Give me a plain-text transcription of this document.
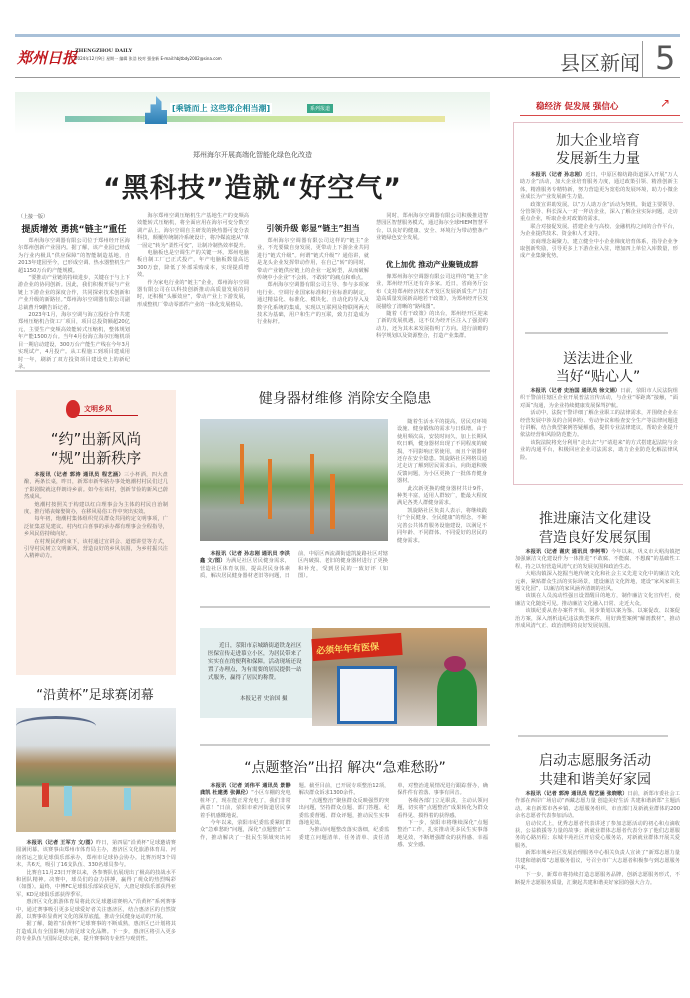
郑州日报
ZHENGZHOU DAILY
2024年12月9日 星期一 编辑 张浩 校对 强金新 E-mail:hbjtbdy2002@sina.com	县区新闻 5
[乘链而上 这些郑企相当潮]	系列报道
郑州海尔开展高端化智能化绿色化改造
“黑科技”造就“好空气”
（上接一版）
提质增效 勇挑“链主”重任

郑州海尔空调器有限公司位于郑州经开区海尔郑州创新产业园内。据了解，该产业园已经成为行业内极具“供应保障”的智能制造基地，自2013年建园至今，已形成空调、热水器整机生产超1150万台的产能规模。

“要推动产业链的持续进步，关键在于与上下游企业的协同创新。因此，我们积极开展与产业链上下游企业的深度合作，共同探索技术创新和产业升级的新路径。”郑州海尔空调器有限公司副总裁曹升9鹏告诉记者。

2023年1月，海尔空调与海立股份合作共建郑州压缩机合资工厂项目，项目总投资额超20亿元，主要生产变频高效能转式压缩机，整体规划年产能1500万台。当年4月份海立海尔压缩机项目一期启动建设，300万台产能生产线在今年3月实现试产，4月投产。从工程施工到项目建成用时一年，刷新了双方投资项目建设史上的新纪录。

海尔郑州空调压缩机生产基地生产的变频高效能转式压缩机，将全面应用在海尔可变分数空调产品上。海尔空调自主研发的换热器可变分表科技，颠覆传统制冷系统设计，将冷媒流速从“单一固定”转为“柔性可变”，让制冷制热效率提升。

电脑板也是空调生产的关键一环。郑州电脑板自制工厂已正式投产，年产电脑板数量高达300万套，降低了外部采购成本，实现提质增效。

作为家电行业的“链主”企业，郑州海尔空调器有限公司在以科技创新推动高质量发展的同时，还积极“头雁效应”，带动产业上下游发展，形成整机厂带动零部件产业的一体化发展格局。

引领升级 彰显“链主”担当

郑州海尔空调器有限公司这样的“链主”企业，不光要做自身发展，更带动上下游企业共同进行“链式升级”。何谓“链式升级”？通俗讲，就是龙头企业发挥带动作用，在自己“转”的同时，带动产业链供应链上的企业一起转型，从而破解传统中小企业“不会转、不敢转”的痛点和难点。

郑州海尔空调器有限公司主导、参与多项家电行业、空调行业国家标准和行业标准的制定。通过精益化、标准化、模块化、自动化的导入及数字化系统的集成，实现以互联网及物联网两大技术为基础，用户和生产的互联，致力打造成为行业标杆。

同时，郑州海尔空调器有限公司积极推进智慧园区智慧服务模式，通过海尔全球HIEM智慧平台，以良好的健康、安全、环境行为带动整条产业链绿色安全发展。

优上加优 推动产业聚链成群

像郑州海尔空调器有限公司这样的“链主”企业，郑州经开区还有许多家。近日，省商务厅公布《支持郑州经济技术开发区发展新质生产力打造高质量发展新高地若干政策》，为郑州经开区发展描绘了清晰的“路线图”。

随着《若干政策》的出台，郑州经开区迎来了新的发展机遇，这不仅为经开区注入了强劲的动力，还为其未来发展指明了方向。进行前瞻的科学规划以及资源整合，打造产业集群。

文明乡风
“约”出新风尚
“规”出新秩序

本报讯（记者 郭涛 通讯员 程艺涵）三小杯酒，四大盘酿，两条长桌，昨日，新郑市新华路办事处炮潮村村民们过几子影剧院就这样朗诗乡前。如今在该村，创新节俭的新风已蔚然成风。

炮潮村按照关于构建以红白理事会为主体的村民自治制度，推行婚丧嫁娶简办，在移风易俗工作中突出实效。

每年初，炮潮村集体组织党员群众共同约定文明事项，广泛征集意见建议。村内红白喜事的承办都有理事会全程指导，乡风民俗持续向好。

在村规民约约束下，该村通过宣讲会、道德讲堂等方式，引导村民树立文明新风，营造良好的乡风氛围，为乡村振兴注入精神动力。

健身器材维修 消除安全隐患

随着生活水平的提高，居民对环境设施、健身锻炼的需求与日俱增。由于使用频次高，安装时间久，加上长期风吹日晒，健身器材出现了不同程度的破损，不同影响正常使用，而且个别器材还存在安全隐患。凯旋路社区网格员通过走访了解到居民需求后，向街道积极反馈问题，为小区更换了一批体育健身器材。

此次新更换的健身器材共计9件，种类丰富，适用人群较广，能最大程度满足各类人群健身需求。

凯旋路社区负责人表示，将继续践行“全民健身、全民健康”的理念，不断完善公共体育服务设施建设，以满足不同年龄、不同群体、不同爱好的居民的健身需求。

本报讯（记者 孙志刚 通讯员 李洪鑫 文/图）为满足社区居民健身需求，营造社区体育氛围，提高居民身体素质，解决居民健身器材老旧等问题，日前，中原区西流湖街道凯旋路社区对辖区内破损、老旧的健身器材进行了更换和补充，受到居民的一致好评（如图）。

近日，荥阳市京城路街道铁龙社区医保宣传走进慕立小区，为居民带来了实实在在的便利和保障。活动现场还设置了办理点，为有需要的居民提供一站式服务，赢得了居民的称赞。
本报记者 史治国 摄
必须年年有医保
“点题整治”出招 解决“急难愁盼”

本报讯（记者 刘伟平 通讯员 景静 龚凯 杜建勇 张佩伦）“小区车棚的充电桩坏了，现在能正常充电了，我们非常满意！”日前，荥阳市索河街道居民拿着手机感慨地说。

今年以来，荥阳市纪委监委紧盯群众“急难愁盼”问题，深化“点题整治”工作，推动解决了一批民生领域突出问题。截至目前，已开展专项整治12项，解决群众诉求1300余件。

“点题整治”聚焦群众反映强烈的突出问题，坚持群众点题、部门答题、纪委监委督题、群众评题，推动民生实事落地见效。

为推动问题整改落实落细，纪委监委建立问题清单、任务清单、责任清单，对整治进展情况进行跟踪督办，确保件件有着落、事事有回音。

各级各部门立足职责，主动认领问题，切实将“点题整治”成果转化为群众看得见、摸得着的获得感。

下一步，荥阳市将继续深化“点题整治”工作，扎实推动更多民生实事落地见效，不断增强群众的获得感、幸福感、安全感。

“沿黄杯”足球赛闭幕

本报讯（记者 王军方 文/图）昨日，第四届“沿黄杯”足球邀请赛圆满闭幕。该赛事由郑州市体育局主办，惠济区文化旅游体育局、河南省运之旅足球俱乐部承办，郑州市足球协会协办。比赛历时3个周末，共6天，吸引了16支队伍、330名球员参与。

比赛自11月23日开赛以来，各参赛队伍展现出了极高的技战水平和团队精神。决赛中，球员们的奋力拼搏，赢得了观众的热烈喝彩（如图）。最终，中博FC足球俱乐部荣获冠军，大唐足球俱乐部获得亚军，KD足球俱乐部获得季军。

惠济区文化旅游体育局将此次足球邀请赛纳入“沿黄杯”系列赛事中，通过赛事吸引更多足球爱好者关注惠济区，结合惠济区的自然资源，以赛事彰显黄河文化的深厚底蕴，推动全民健身运动的开展。

据了解，随着“沿黄杯”足球赛事的不断成熟，惠济区已计划将其打造成具有全国影响力的足球文化品牌。下一步，惠济区将引入更多的专业队伍与国际足球元素，提升赛事的专业性与观赏性。

稳经济 促发展 强信心	↗
加大企业培育
发展新生力量

本报讯（记者 孙志刚）近日，中原区棉纺路街道深入开展“万人助万企”活动，加大企业培育服务力度，通过政策引领、精准创新主体，精准服务专精特新，努力营造更为宽松的发展环境，助力小微企业成长为产业发展新生力量。

政策宣讲助发展。以“万人助万企”活动为契机，街道主要领导、分管领导、科长深入一对一拜访企业，深入了解企业实际问题，走访重点企业，听取企业对政策的需求。

联合对接促发展。搭建企业与高校、金融机构之间的合作平台，为企业提供技术、资金和人才支持。

亲商理念凝聚力。建立健全中小企业梯度培育体系，指导企业争取创新奖励，引导更多上下游企业入驻，增加四上单位入库数量，形成产业集聚优势。

送法进企业
当好“贴心人”

本报讯（记者 史治国 通讯员 徐文娟）日前，荥阳市人民法院组织干警前往辖区企业开展普法宣传活动，与企业“零距离”接触，“面对面”沟通，为企业持续健康发展保驾护航。

活动中，法院干警详细了解企业职工的法律需求，并围绕企业在经营发展中涉及的合同纠纷、劳动争议和检查安全生产等法律问题进行讲解，结合典型案例答疑解惑，提供专业法律建议，帮助企业提升依法经营和风险防范能力。

该院法院将充分利用“走出去”与“请进来”的方式搭建起法院与企业的沟通平台，积极回应企业司法需求，助力企业防范化解法律风险。

推进廉洁文化建设
营造良好发展氛围

本报讯（记者 谢庆 通讯员 李柯苇）今年以来，巩义市大峪沟镇把加强廉洁文化建设作为一体推进“不敢腐、不能腐、不想腐”的基础性工程，持之以恒营造风清气正的发展氛围和政治生态。

大峪沟镇深入挖掘当地传统文化和社会主义先进文化中的廉洁文化元素，紧贴群众生活的实际场景，建设廉洁文化阵地，建设“家风家训主题文化园”，以廉洁的家风涵养清朗的社风。

该镇在人员流动性强且设置醒目的地方，制作廉洁文化宣传栏，使廉洁文化随处可见。推动廉洁文化融入日常、走近大众。

该镇纪委从查办案件开始，同步策划以案为鉴、以案促改、以案促治方案，深入剖析违纪违法典型案件，用好典型案例“解剖教材”，推动形成风清气正、政治清明的良好发展氛围。

启动志愿服务活动
共建和谐美好家园

本报讯（记者 郭涛 通讯员 程艺涵 张晓歌）日前，新郑市委社会工作部在西岸广场启动“西藏志愿力量 创造美好生活 共建和谐新郑”主题活动。来自新郑市各乡镇、志愿服务组织、市直部门及新就业群体的200余名志愿者代表参加活动。

启动仪式上，优秀志愿者代表讲述了参加志愿活动的初心和点滴收获，公益救援等力量的故事；新就业群体志愿者代表分享了他们志愿服务的心路历程；东城丰苑社区开启爱心服务站，对新就业群体开展关爱服务。

新郑市城乡社区发展治理服务中心相关负责人宣读了“新郑志愿力量 共建和谐新郑”志愿服务倡议，号召全市广大志愿者积极参与到志愿服务中来。

下一步，新郑市将持续打造志愿服务品牌，创新志愿服务形式，不断提升志愿服务质量，汇聚起共建和谐美好家园的强大合力。
